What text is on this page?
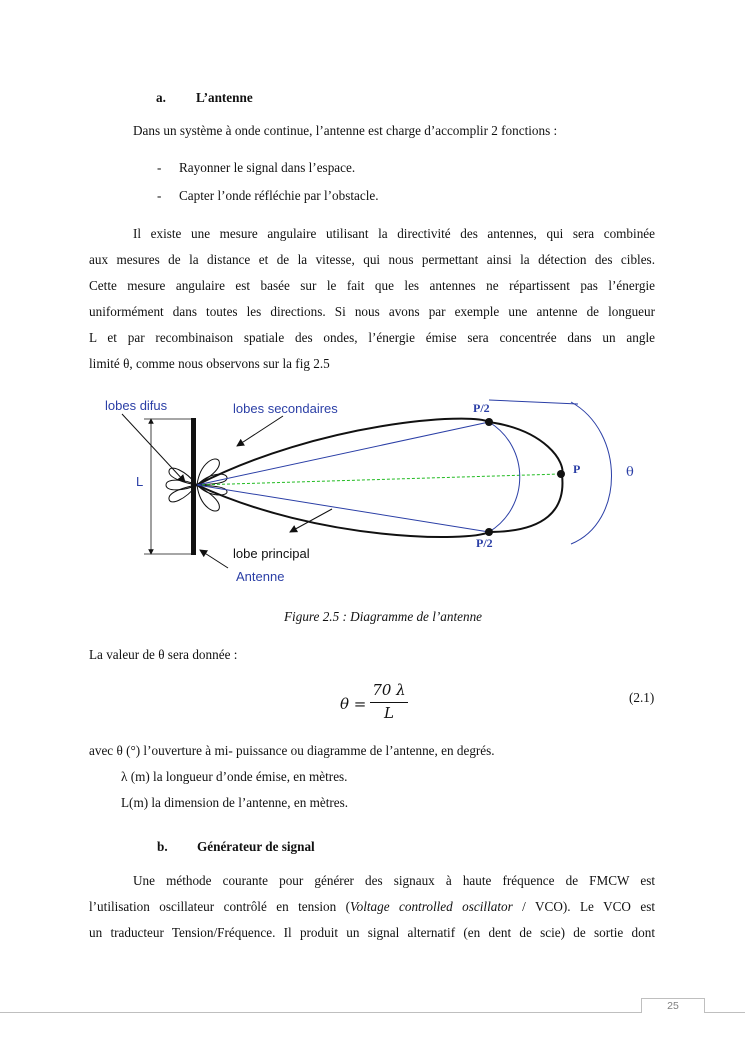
a. L’antenne
Dans un système à onde continue, l’antenne est charge d’accomplir 2 fonctions :
- Rayonner le signal dans l’espace.
- Capter l’onde réfléchie par l’obstacle.
Il existe une mesure angulaire utilisant la directivité des antennes, qui sera combinée
aux mesures de la distance et de la vitesse, qui nous permettant ainsi la détection des cibles.
Cette mesure angulaire est basée sur le fait que les antennes ne répartissent pas l’énergie
uniformément dans toutes les directions. Si nous avons par exemple une antenne de longueur
L et par recombinaison spatiale des ondes, l’énergie émise sera concentrée dans un angle
limité θ, comme nous observons sur la fig 2.5
lobes difus	lobes secondaires	P/2
P/2
P	θ
L
lobe principal
Antenne
Figure 2.5 : Diagramme de l’antenne
La valeur de θ sera donnée :
θ =
70 λ
L
(2.1)
avec θ (°) l’ouverture à mi- puissance ou diagramme de l’antenne, en degrés.
λ (m) la longueur d’onde émise, en mètres.
L(m) la dimension de l’antenne, en mètres.
b. Générateur de signal
Une méthode courante pour générer des signaux à haute fréquence de FMCW est
l’utilisation oscillateur contrôlé en tension (Voltage controlled oscillator / VCO). Le VCO est
un traducteur Tension/Fréquence. Il produit un signal alternatif (en dent de scie) de sortie dont
25
